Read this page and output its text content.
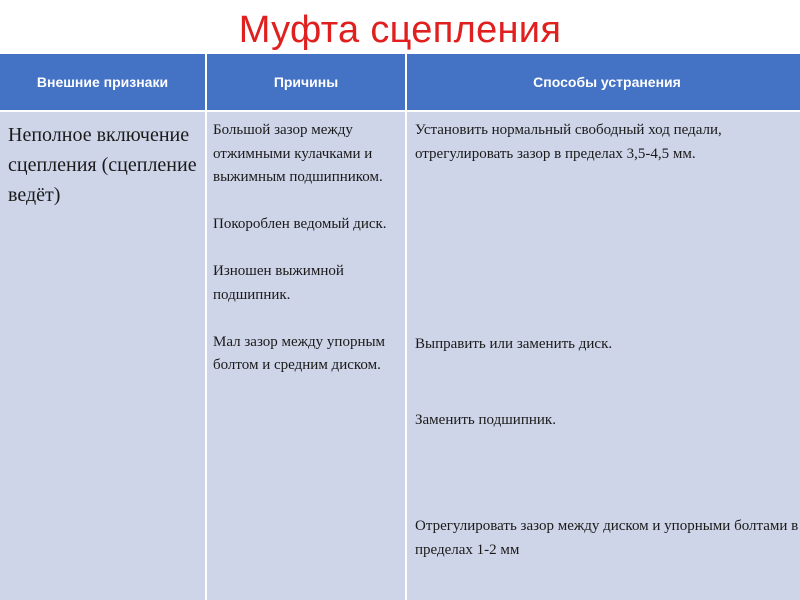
Муфта сцепления
Внешние признаки	Причины	Способы устранения

Неполное включение сцепления (сцепление ведёт)

Большой зазор между отжимными кулачками и выжимным подшипником.

Покороблен ведомый диск.

Изношен выжимной подшипник.

Мал зазор между упорным болтом и средним диском.

Установить нормальный свободный ход педали, отрегулировать зазор в пределах 3,5-4,5 мм.

Выправить или заменить диск.

Заменить подшипник.

Отрегулировать зазор между диском и упорными болтами в пределах 1-2 мм
